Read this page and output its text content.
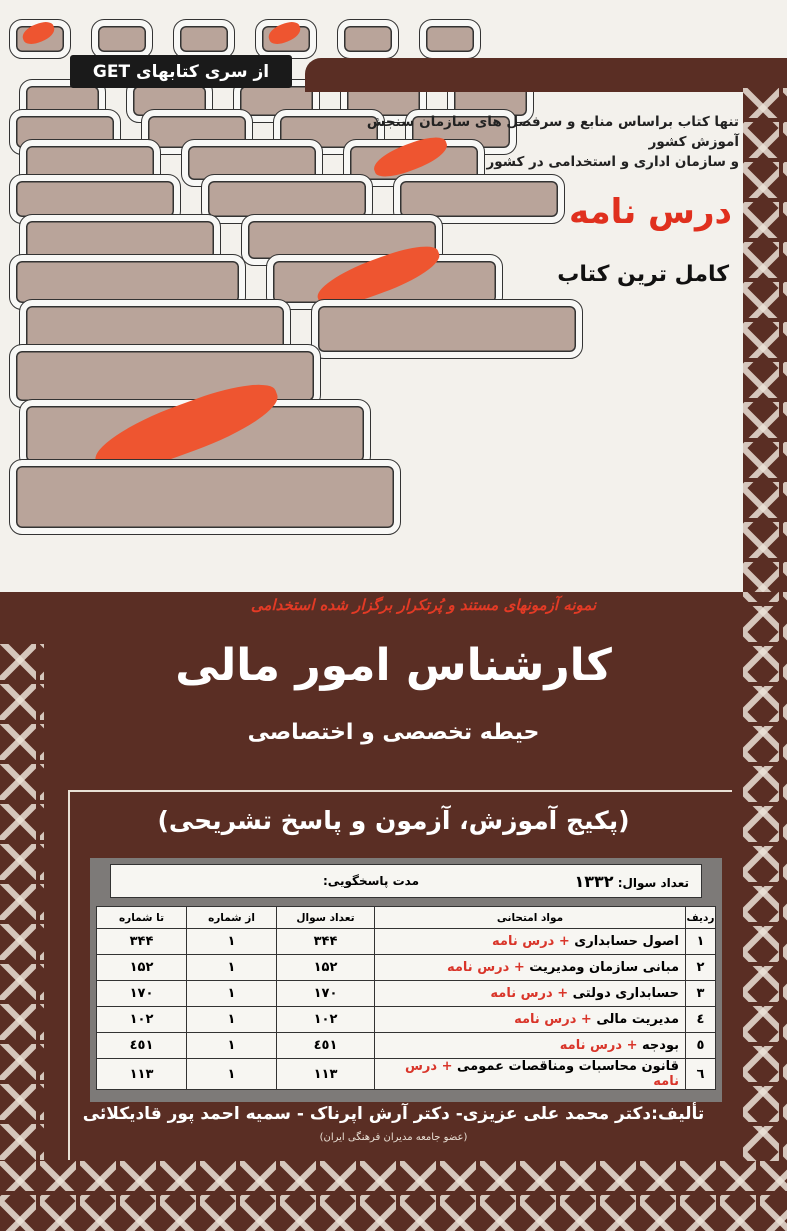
از سری کتابهای GET
تنها کتاب براساس منابع و سرفصل های سازمان سنجش آموزش کشور
و سازمان اداری و استخدامی در کشور
درس نامه
کامل ترین کتاب
نمونه آزمونهای مستند و پُرتکرار برگزار شده استخدامی
کارشناس امور مالی
حیطه تخصصی و اختصاصی
(پکیج آموزش، آزمون و پاسخ تشریحی)
تعداد سوال: ۱۳۳۲
مدت پاسخگویی:
ردیف	مواد امتحانی	تعداد سوال	از شماره	تا شماره
۱	اصول حسابداری + درس نامه	۳۴۴	۱	۳۴۴
۲	مبانی سازمان ومدیریت + درس نامه	۱۵۲	۱	۱۵۲
۳	حسابداری دولتی + درس نامه	۱۷۰	۱	۱۷۰
٤	مدیریت مالی + درس نامه	۱۰۲	۱	۱۰۲
٥	بودجه + درس نامه	٤٥۱	۱	٤٥۱
٦	قانون محاسبات ومناقصات عمومی + درس نامه	۱۱۳	۱	۱۱۳
تألیف:دکتر محمد علی عزیزی- دکتر آرش اپرناک - سمیه احمد پور قادیکلائی
(عضو جامعه مدیران فرهنگی ایران)
